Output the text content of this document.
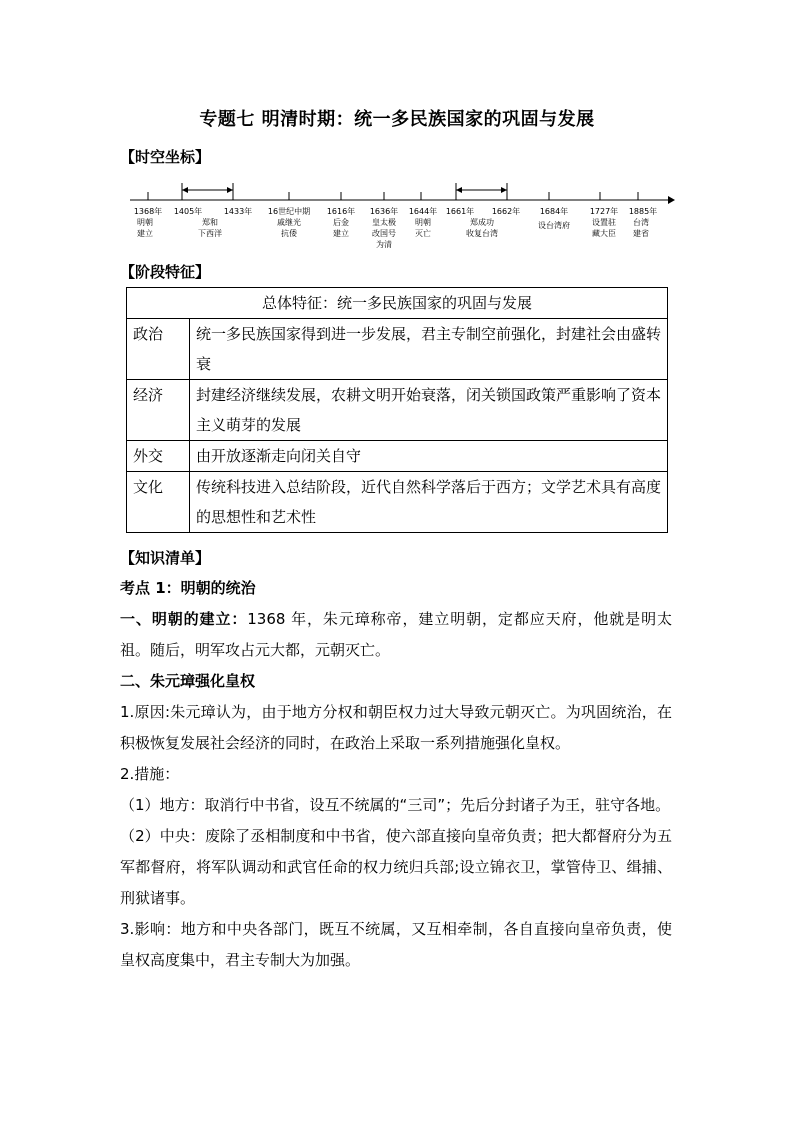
专题七 明清时期：统一多民族国家的巩固与发展
【时空坐标】
1368年
明朝
建立
1405年
郑和
下西洋
1433年 16世纪中期
戚继光
抗倭
1616年
后金
建立
1636年
皇太极
改国号
为清
1644年
明朝
灭亡
1661年
郑成功
收复台湾
1662年 1684年
设台湾府
1727年
设置驻
藏大臣
1885年
台湾
建省
【阶段特征】
总体特征：统一多民族国家的巩固与发展	
政治	统一多民族国家得到进一步发展，君主专制空前强化，封建社会由盛转衰
经济	封建经济继续发展，农耕文明开始衰落，闭关锁国政策严重影响了资本主义萌芽的发展
外交	由开放逐渐走向闭关自守
文化	传统科技进入总结阶段，近代自然科学落后于西方；文学艺术具有高度的思想性和艺术性
【知识清单】

考点 1：明朝的统治

一、明朝的建立：1368 年，朱元璋称帝，建立明朝，定都应天府，他就是明太祖。随后，明军攻占元大都，元朝灭亡。

二、朱元璋强化皇权

1.原因:朱元璋认为，由于地方分权和朝臣权力过大导致元朝灭亡。为巩固统治，在积极恢复发展社会经济的同时，在政治上采取一系列措施强化皇权。

2.措施：

（1）地方：取消行中书省，设互不统属的“三司”；先后分封诸子为王，驻守各地。

（2）中央：废除了丞相制度和中书省，使六部直接向皇帝负责；把大都督府分为五军都督府，将军队调动和武官任命的权力统归兵部;设立锦衣卫，掌管侍卫、缉捕、刑狱诸事。

3.影响：地方和中央各部门，既互不统属，又互相牵制，各自直接向皇帝负责，使皇权高度集中，君主专制大为加强。
